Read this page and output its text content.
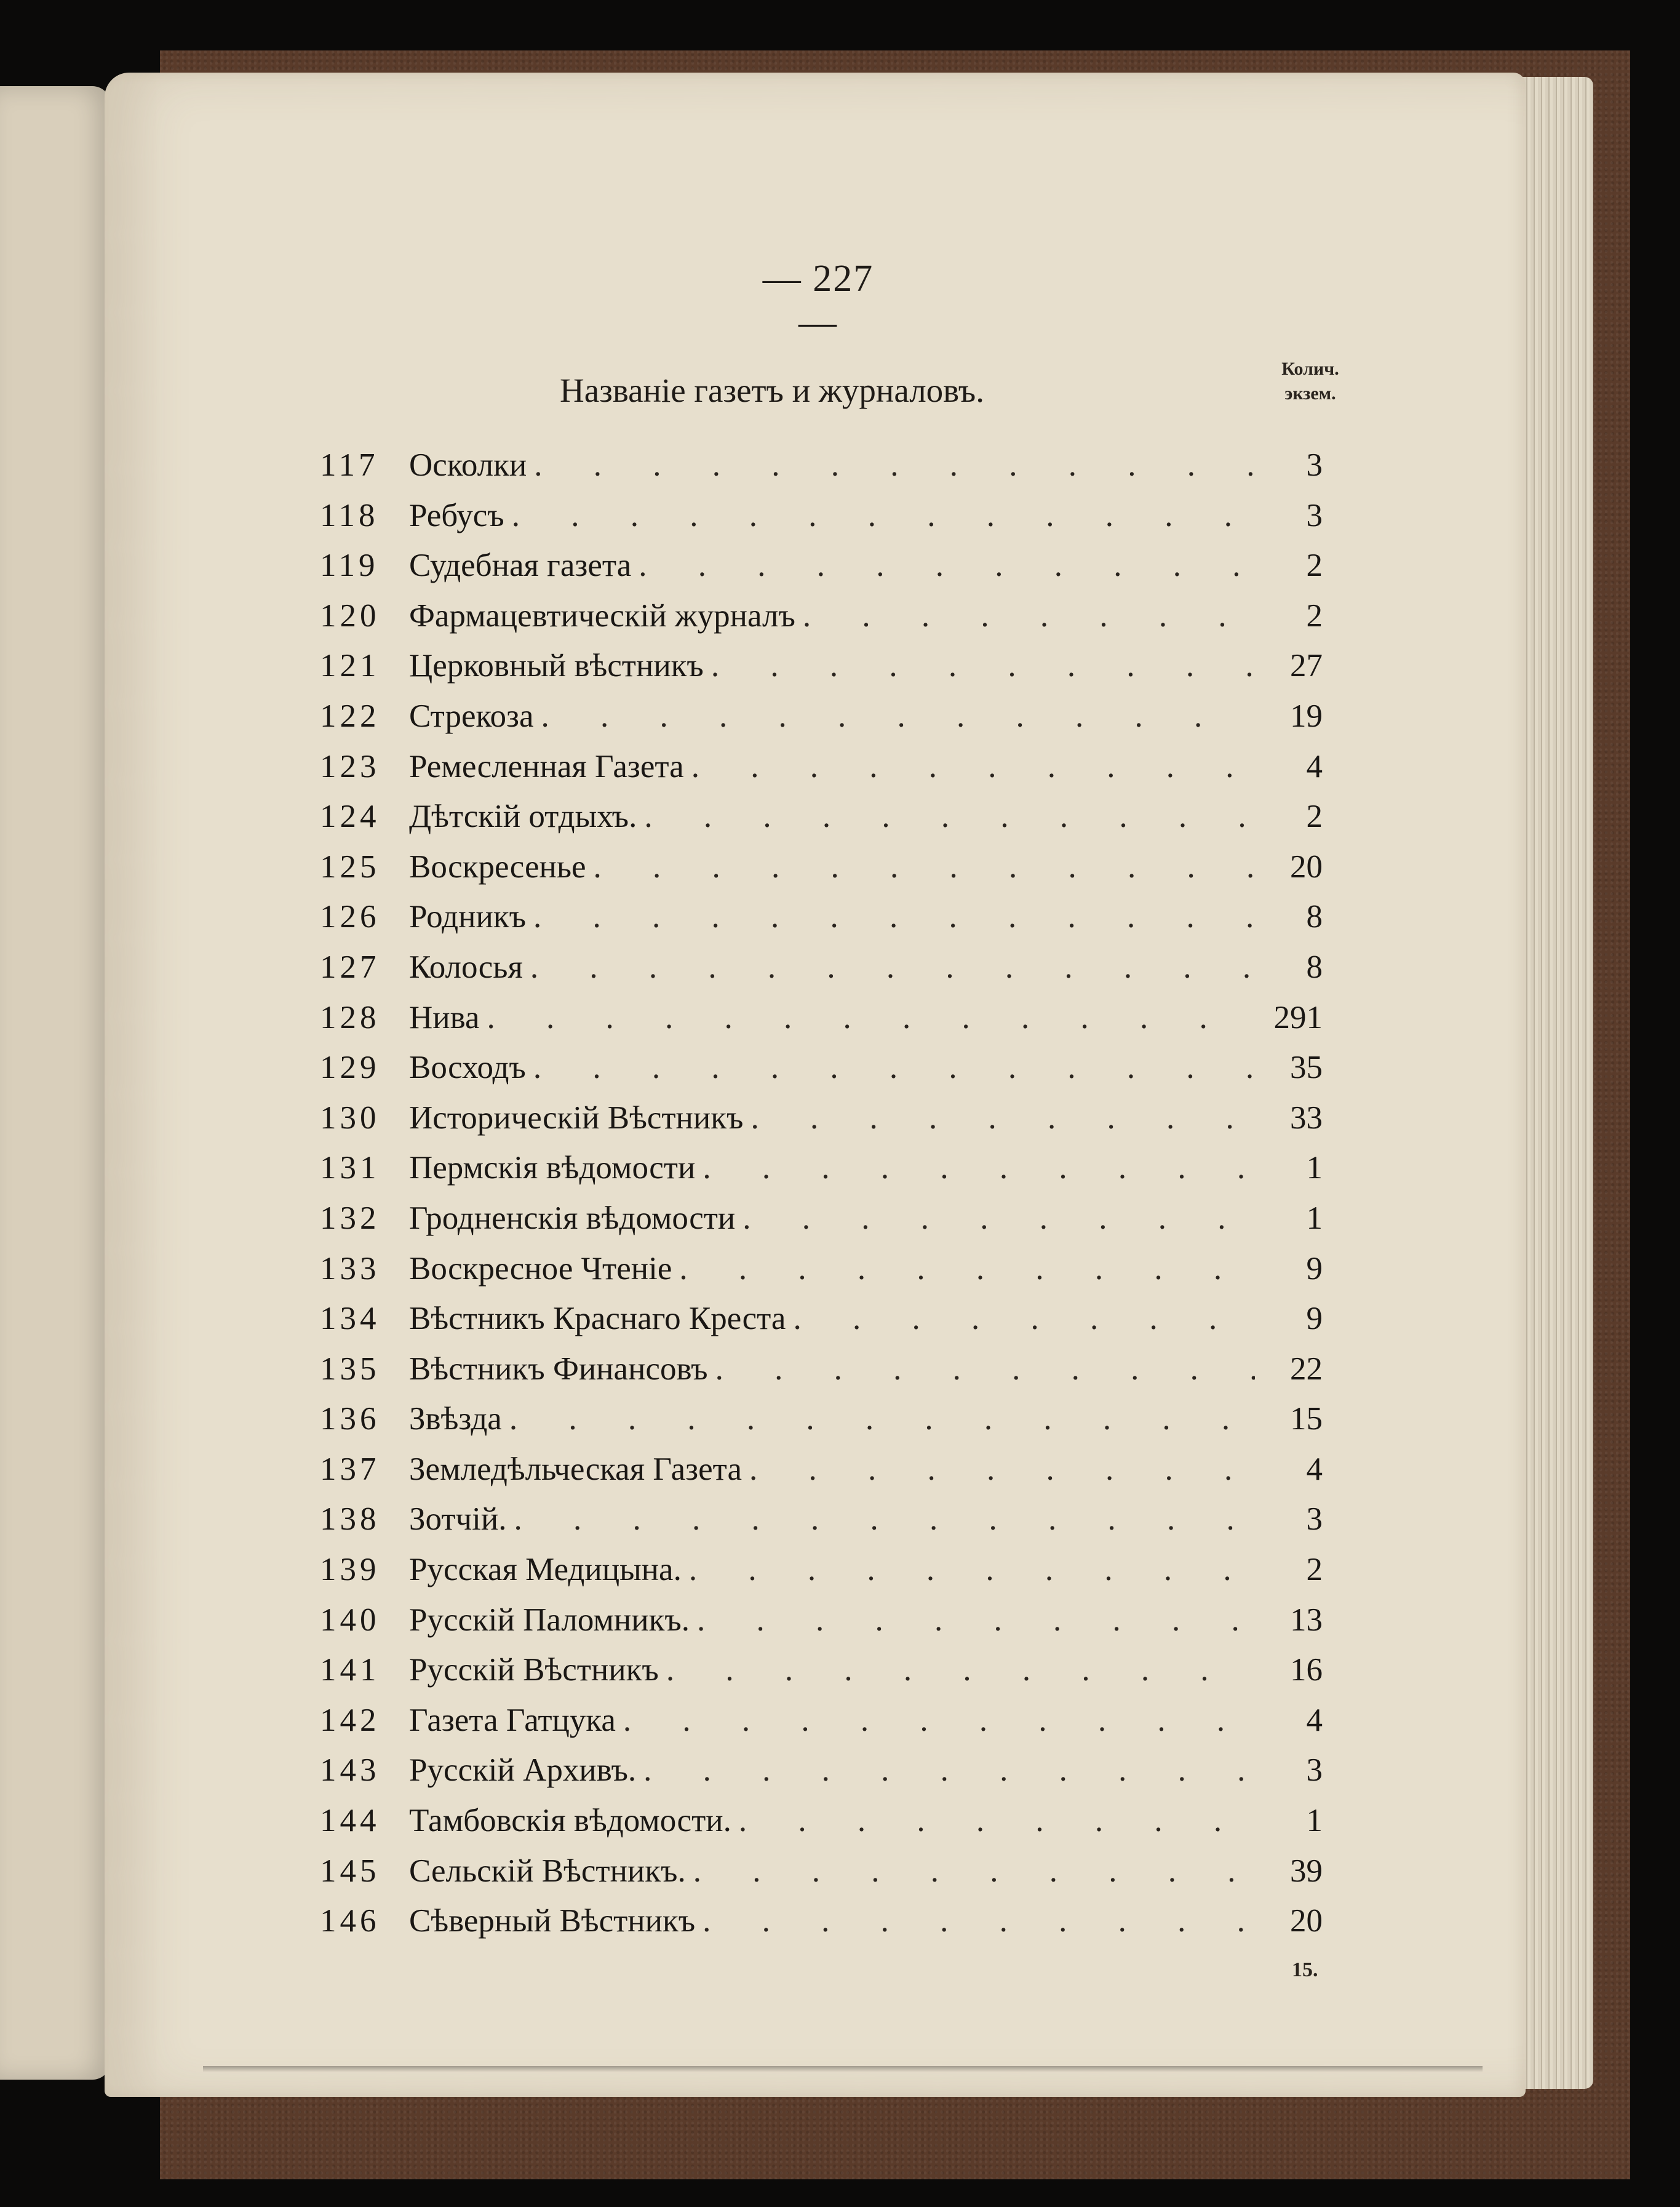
— 227 —
Названіе газетъ и журналовъ.
Колич.
экзем.
117 Осколки . . .	3
118 Ребусъ . . .	3
119 Судебная газета . . .	2
120 Фармацевтическій журналъ . . .	2
121 Церковный вѣстникъ . . .	27
122 Стрекоза . . .	19
123 Ремесленная Газета . . .	4
124 Дѣтскій отдыхъ. . . .	2
125 Воскресенье . . .	20
126 Родникъ . . .	8
127 Колосья . . .	8
128 Нива . . .	291
129 Восходъ . . .	35
130 Историческій Вѣстникъ . . .	33
131 Пермскія вѣдомости . . .	1
132 Гродненскія вѣдомости . . .	1
133 Воскресное Чтеніе . . .	9
134 Вѣстникъ Краснаго Креста . . .	9
135 Вѣстникъ Финансовъ . . .	22
136 Звѣзда . . .	15
137 Земледѣльческая Газета . . .	4
138 Зотчій. . . .	3
139 Русская Медицына. . . .	2
140 Русскій Паломникъ. . . .	13
141 Русскій Вѣстникъ . . .	16
142 Газета Гатцука . . .	4
143 Русскій Архивъ. . . .	3
144 Тамбовскія вѣдомости. . . .	1
145 Сельскій Вѣстникъ. . . .	39
146 Сѣверный Вѣстникъ . . .	20
15.
